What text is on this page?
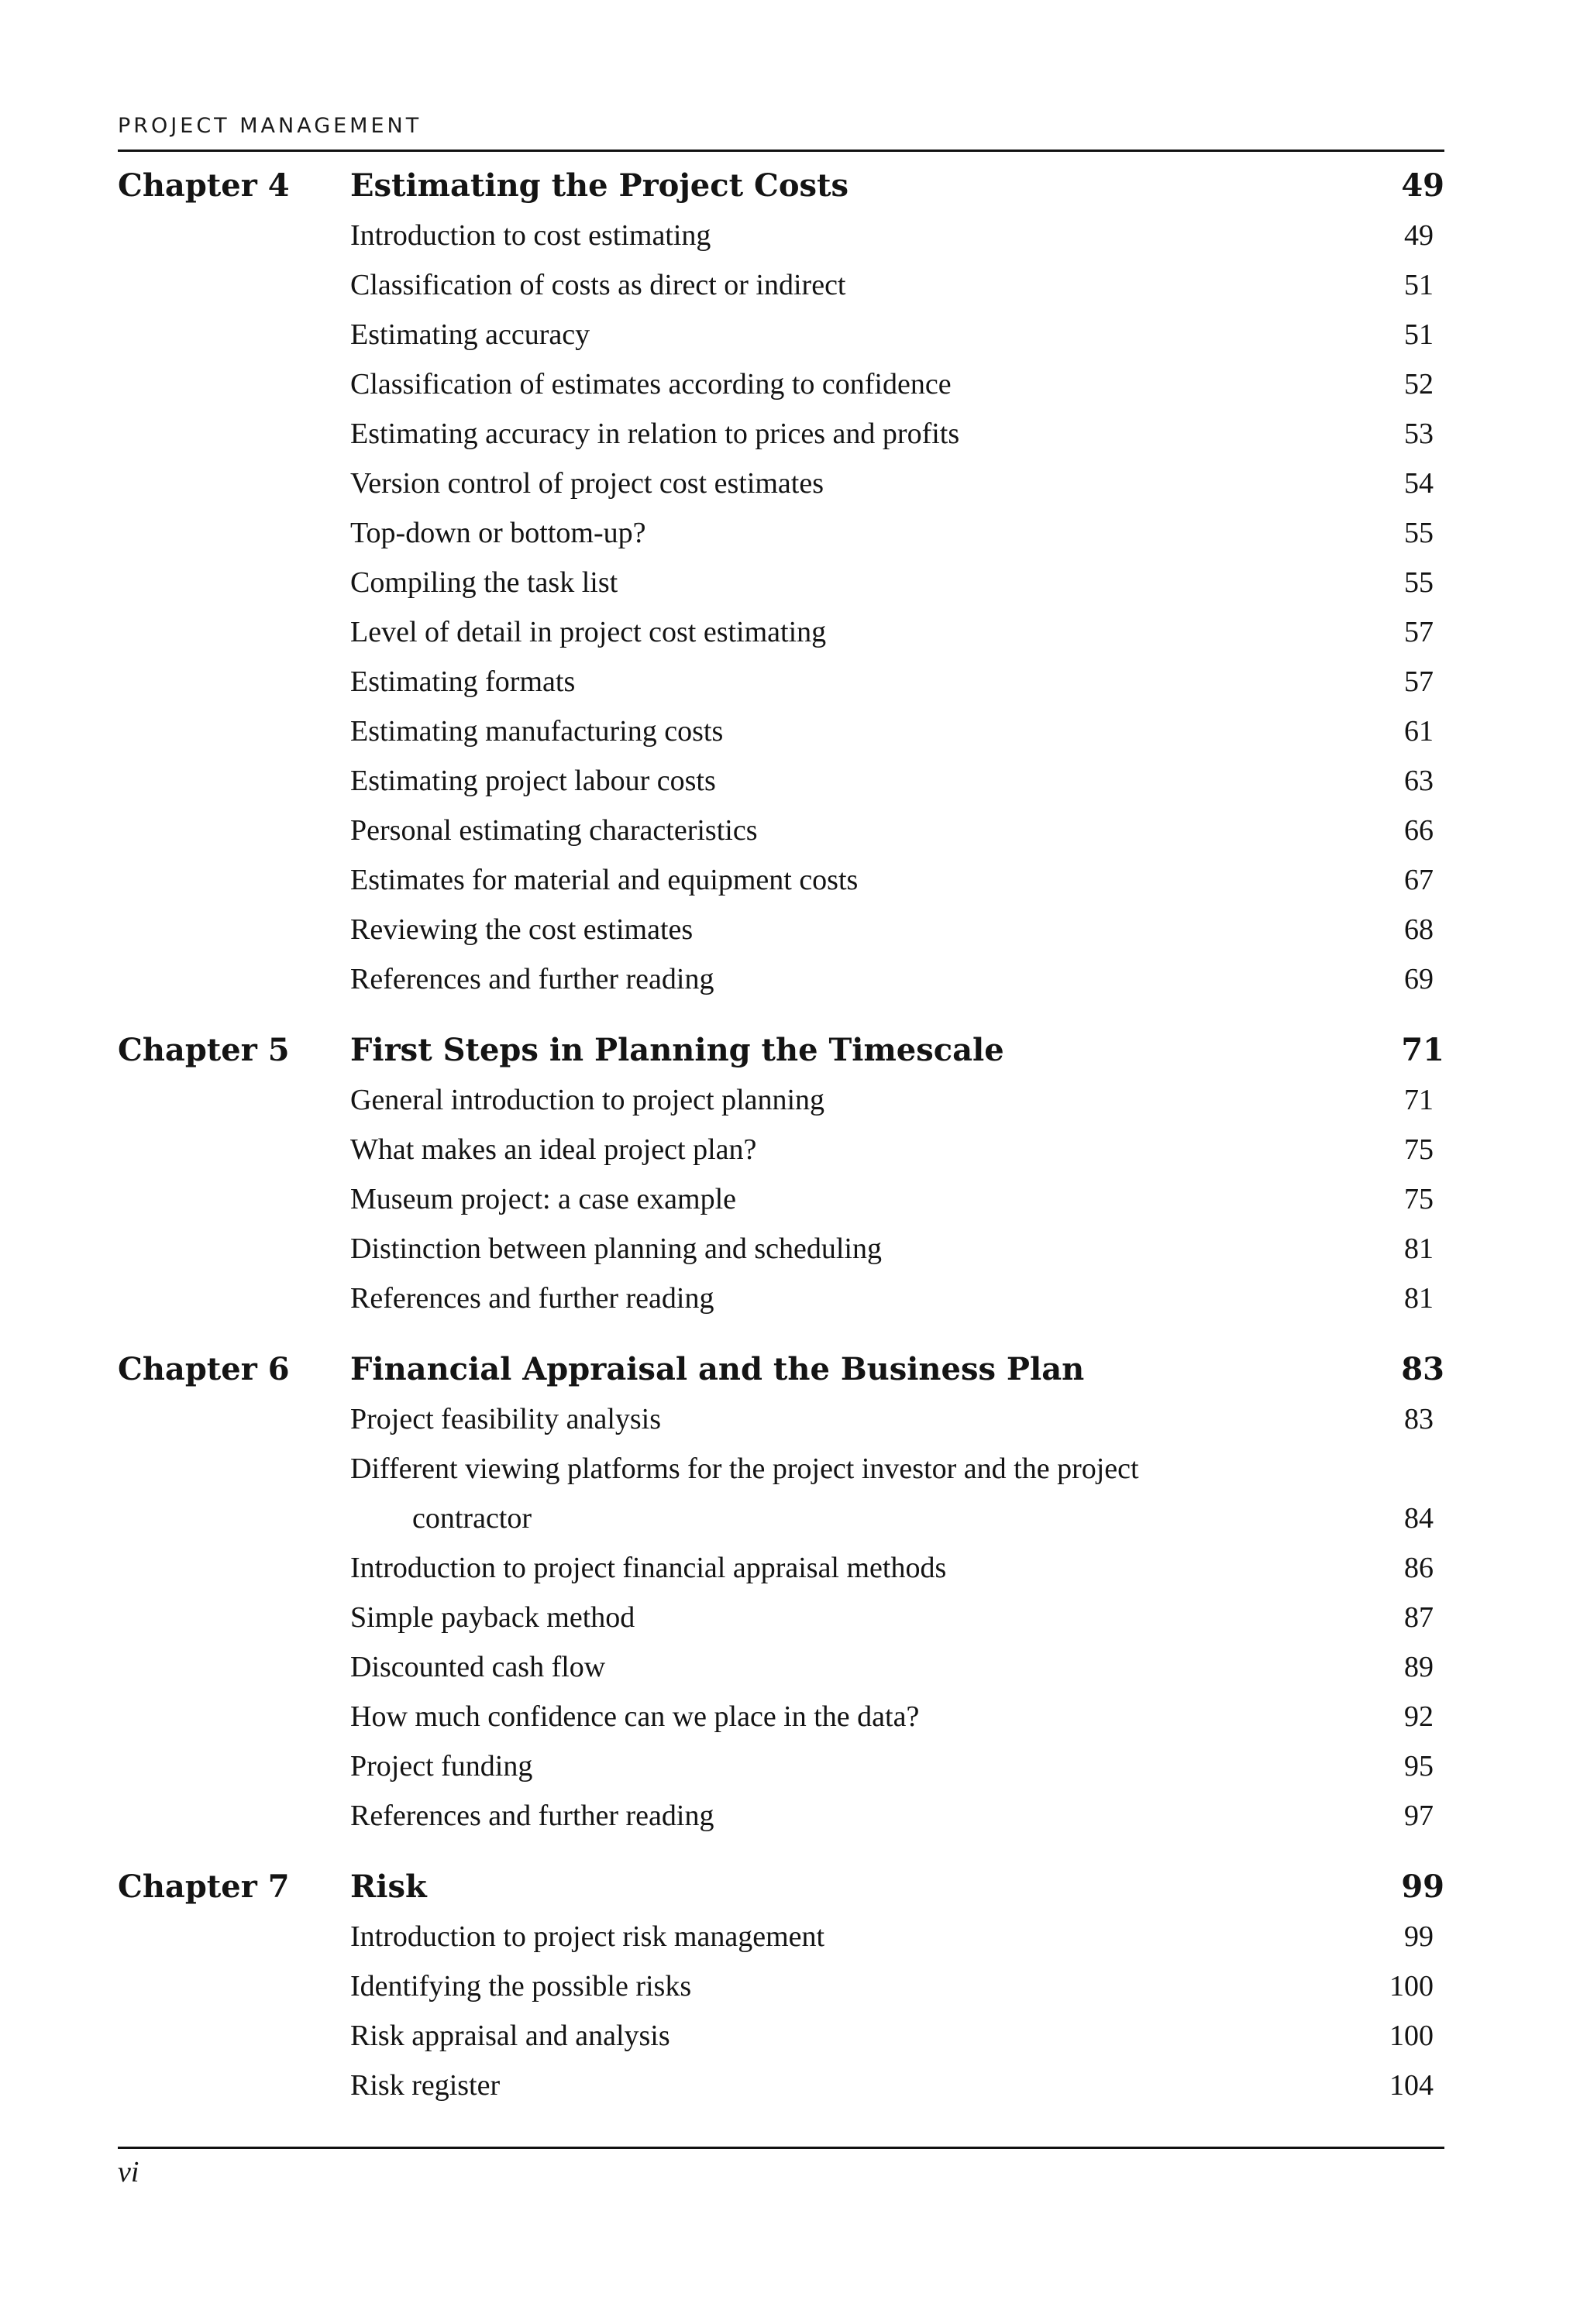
PROJECT MANAGEMENT
Chapter 4	Estimating the Project Costs	49
Introduction to cost estimating	49
Classification of costs as direct or indirect	51
Estimating accuracy	51
Classification of estimates according to confidence	52
Estimating accuracy in relation to prices and profits	53
Version control of project cost estimates	54
Top-down or bottom-up?	55
Compiling the task list	55
Level of detail in project cost estimating	57
Estimating formats	57
Estimating manufacturing costs	61
Estimating project labour costs	63
Personal estimating characteristics	66
Estimates for material and equipment costs	67
Reviewing the cost estimates	68
References and further reading	69
Chapter 5	First Steps in Planning the Timescale	71
General introduction to project planning	71
What makes an ideal project plan?	75
Museum project: a case example	75
Distinction between planning and scheduling	81
References and further reading	81
Chapter 6	Financial Appraisal and the Business Plan	83
Project feasibility analysis	83
Different viewing platforms for the project investor and the project
contractor	84
Introduction to project financial appraisal methods	86
Simple payback method	87
Discounted cash flow	89
How much confidence can we place in the data?	92
Project funding	95
References and further reading	97
Chapter 7	Risk	99
Introduction to project risk management	99
Identifying the possible risks	100
Risk appraisal and analysis	100
Risk register	104
vi
